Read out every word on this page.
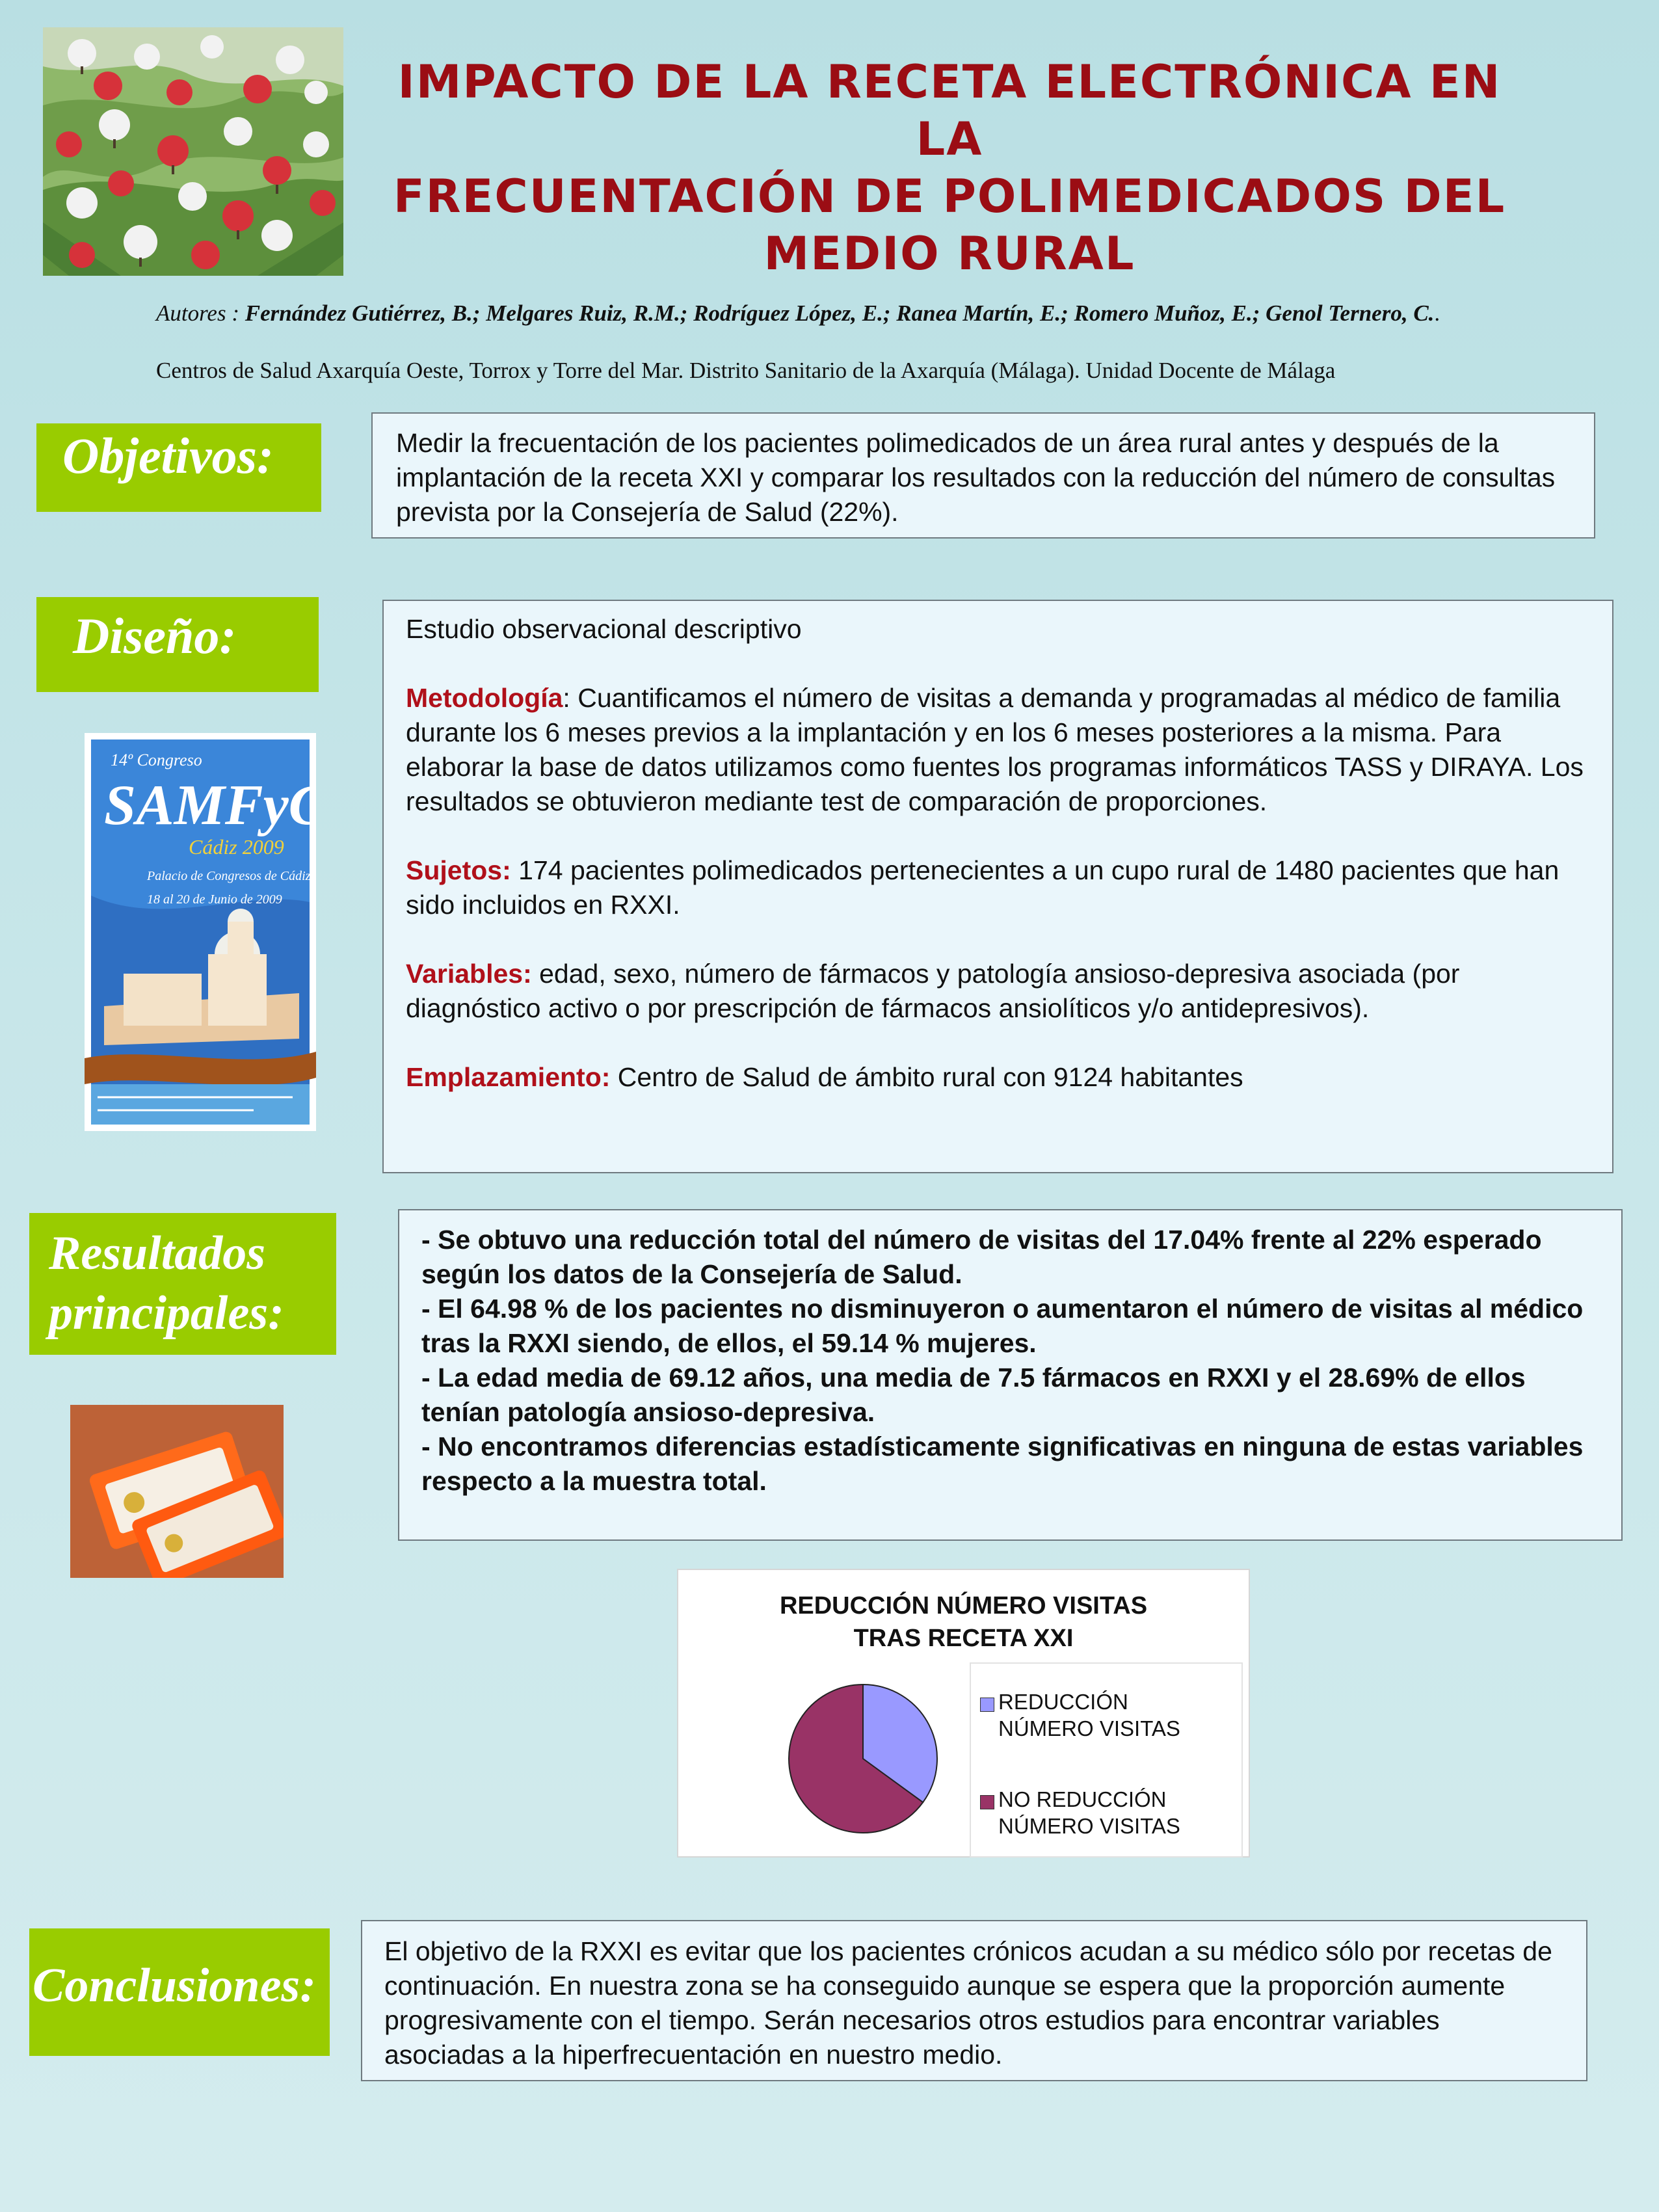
IMPACTO DE LA RECETA ELECTRÓNICA EN LA
FRECUENTACIÓN DE POLIMEDICADOS DEL
MEDIO RURAL
Autores : Fernández Gutiérrez, B.; Melgares Ruiz, R.M.; Rodríguez López, E.; Ranea Martín, E.; Romero Muñoz, E.; Genol Ternero, C..
Centros de Salud Axarquía Oeste, Torrox y Torre del Mar. Distrito Sanitario de la Axarquía (Málaga). Unidad Docente de Málaga
Objetivos:	Medir la frecuentación de los pacientes polimedicados de un área rural antes y después de la implantación de la receta XXI y comparar los resultados con la reducción del número de consultas prevista por la Consejería de Salud (22%).

Diseño:
14º Congreso
SAMFyC
Cádiz 2009
Palacio de Congresos de Cádiz
18 al 20 de Junio de 2009

Estudio observacional descriptivo

Metodología: Cuantificamos el número de visitas a demanda y programadas al médico de familia durante los 6 meses previos a la implantación y en los 6 meses posteriores a la misma. Para elaborar la base de datos utilizamos como fuentes los programas informáticos TASS y DIRAYA. Los resultados se obtuvieron mediante test de comparación de proporciones.

Sujetos: 174 pacientes polimedicados pertenecientes a un cupo rural de 1480 pacientes que han sido incluidos en RXXI.

Variables: edad, sexo, número de fármacos y patología ansioso-depresiva asociada (por diagnóstico activo o por prescripción de fármacos ansiolíticos y/o antidepresivos).

Emplazamiento: Centro de Salud de ámbito rural con 9124 habitantes

Resultados
principales:

- Se obtuvo una reducción total del número de visitas del 17.04% frente al 22% esperado según los datos de la Consejería de Salud.

- El 64.98 % de los pacientes no disminuyeron o aumentaron el número de visitas al médico tras la RXXI siendo, de ellos, el 59.14 % mujeres.

- La edad media de 69.12 años, una media de 7.5 fármacos en RXXI y el 28.69% de ellos tenían patología ansioso-depresiva.

- No encontramos diferencias estadísticamente significativas en ninguna de estas variables respecto a la muestra total.

REDUCCIÓN NÚMERO VISITAS
TRAS RECETA XXI
REDUCCIÓN
NÚMERO VISITAS
NO REDUCCIÓN
NÚMERO VISITAS
Conclusiones:

El objetivo de la RXXI es evitar que los pacientes crónicos acudan a su médico sólo por recetas de continuación. En nuestra zona se ha conseguido aunque se espera que la proporción aumente progresivamente con el tiempo. Serán necesarios otros estudios para encontrar variables asociadas a la hiperfrecuentación en nuestro medio.
